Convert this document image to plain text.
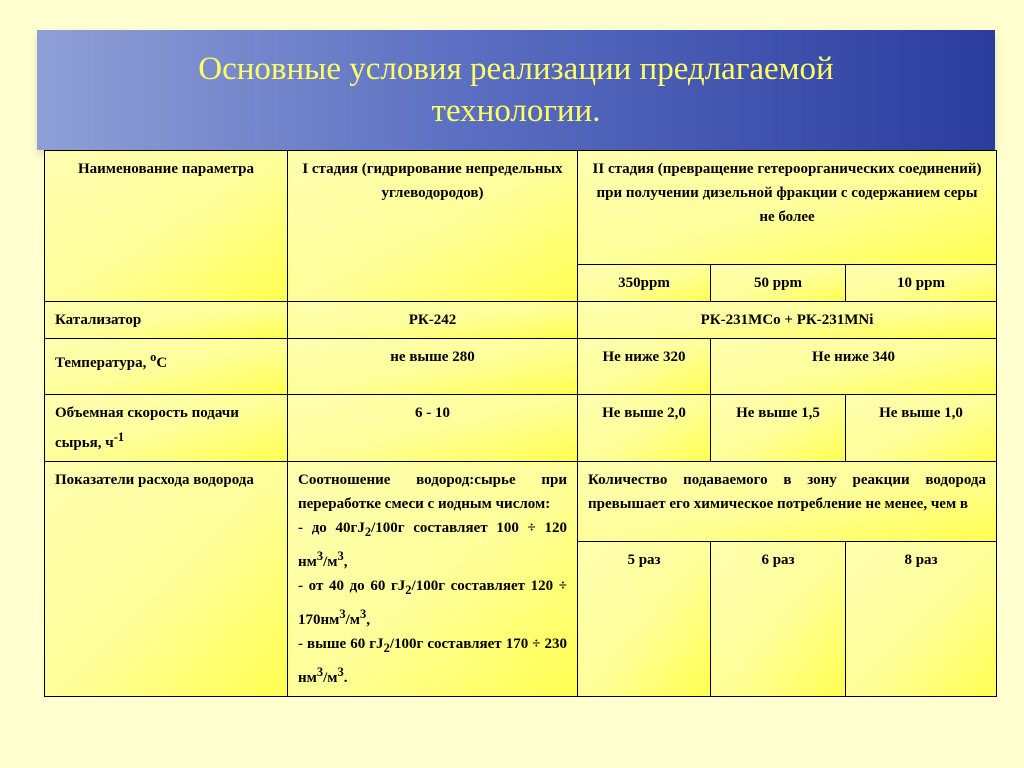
Основные условия реализации предлагаемой
технологии.
Наименование параметра	I стадия (гидрирование непредельных углеводородов)	II стадия (превращение гетероорганических соединений) при получении дизельной фракции с содержанием серы не более		
		350ppm	50 ppm	10 ppm
Катализатор	РК-242	РК-231МСо + РК-231МNi		
Температура, $^о$С	не выше 280	Не ниже 320	Не ниже 340	
Объемная скорость подачи сырья, $ч^{-1}$	6 - 10	Не выше 2,0	Не выше 1,5	Не выше 1,0
Показатели расхода водорода	Соотношение водород:сырье при переработке смеси с иодным числом:
- до $40гJ_2/100г$ составляет 100 ÷ 120 $нм^3/м^3$,
- от 40 до 60 $гJ_2/100г$ составляет $120 \div 170нм^3/м^3$,
- выше 60 $гJ_2/100г$ составляет 170 ÷ 230 $нм^3/м^3$.	Количество подаваемого в зону реакции водорода превышает его химическое потребление не менее, чем в		
		5 раз	6 раз	8 раз
